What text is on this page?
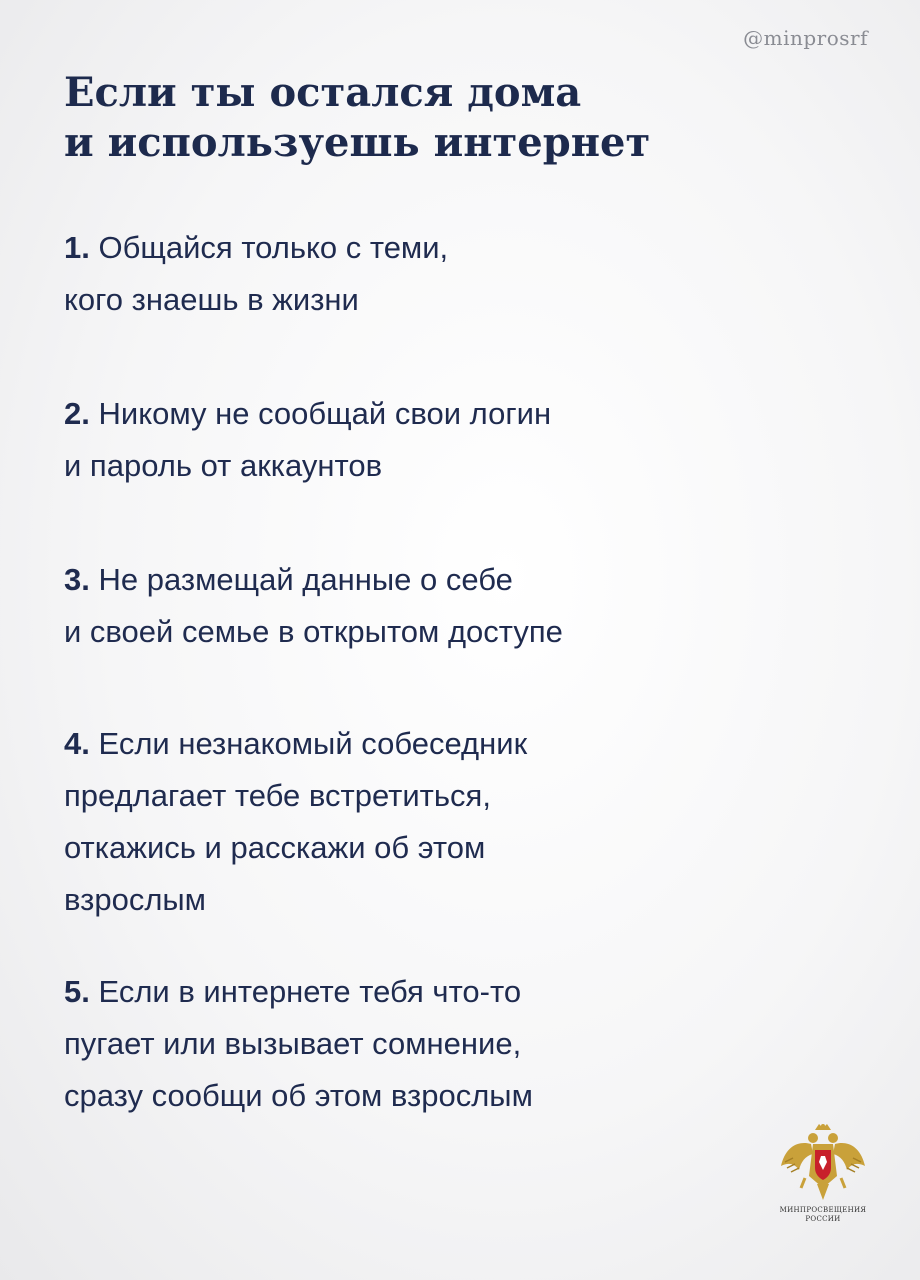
@minprosrf
Если ты остался дома
и используешь интернет
1. Общайся только с теми,
кого знаешь в жизни
2. Никому не сообщай свои логин
и пароль от аккаунтов
3. Не размещай данные о себе
и своей семье в открытом доступе
4. Если незнакомый собеседник
предлагает тебе встретиться,
откажись и расскажи об этом
взрослым
5. Если в интернете тебя что-то
пугает или вызывает сомнение,
сразу сообщи об этом взрослым
МИНПРОСВЕЩЕНИЯ
РОССИИ
